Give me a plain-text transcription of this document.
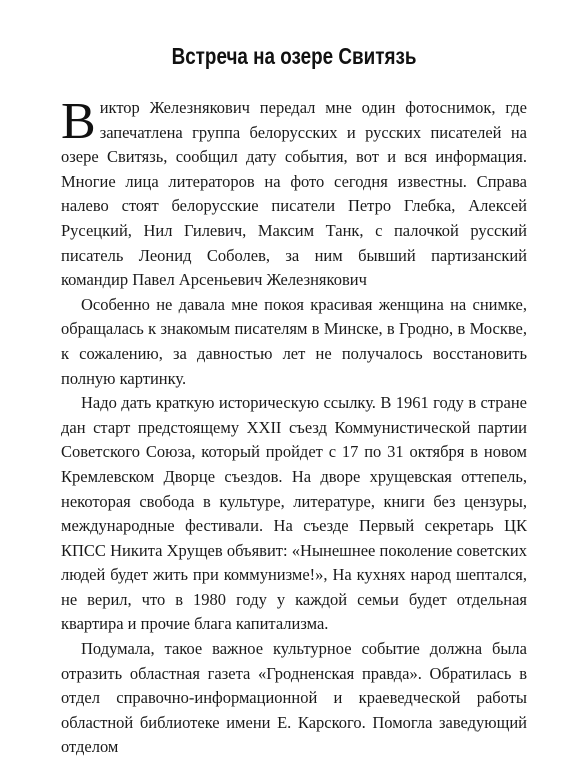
Встреча на озере Свитязь

Виктор Железнякович передал мне один фотоснимок, где запечатлена группа белорусских и русских писателей на озере Свитязь, сообщил дату события, вот и вся информация. Многие лица литераторов на фото сегодня известны. Справа налево стоят белорусские писатели Петро Глебка, Алексей Русецкий, Нил Гилевич, Максим Танк, с палочкой русский писатель Леонид Соболев, за ним бывший партизанский командир Павел Арсеньевич Железнякович

Особенно не давала мне покоя красивая женщина на снимке, обращалась к знакомым писателям в Минске, в Гродно, в Москве, к сожалению, за давностью лет не получалось восстановить полную картинку.

Надо дать краткую историческую ссылку. В 1961 году в стране дан старт предстоящему XXII съезд Коммунистической партии Советского Союза, который пройдет с 17 по 31 октября в новом Кремлевском Дворце съездов. На дворе хрущевская оттепель, некоторая свобода в культуре, литературе, книги без цензуры, международные фестивали. На съезде Первый секретарь ЦК КПСС Никита Хрущев объявит: «Нынешнее поколение советских людей будет жить при коммунизме!», На кухнях народ шептался, не верил, что в 1980 году у каждой семьи будет отдельная квартира и прочие блага капитализма.

Подумала, такое важное культурное событие должна была отразить областная газета «Гродненская правда». Обратилась в отдел справочно-информационной и краеведческой работы областной библиотеке имени Е. Карского. Помогла заведующий отделом
